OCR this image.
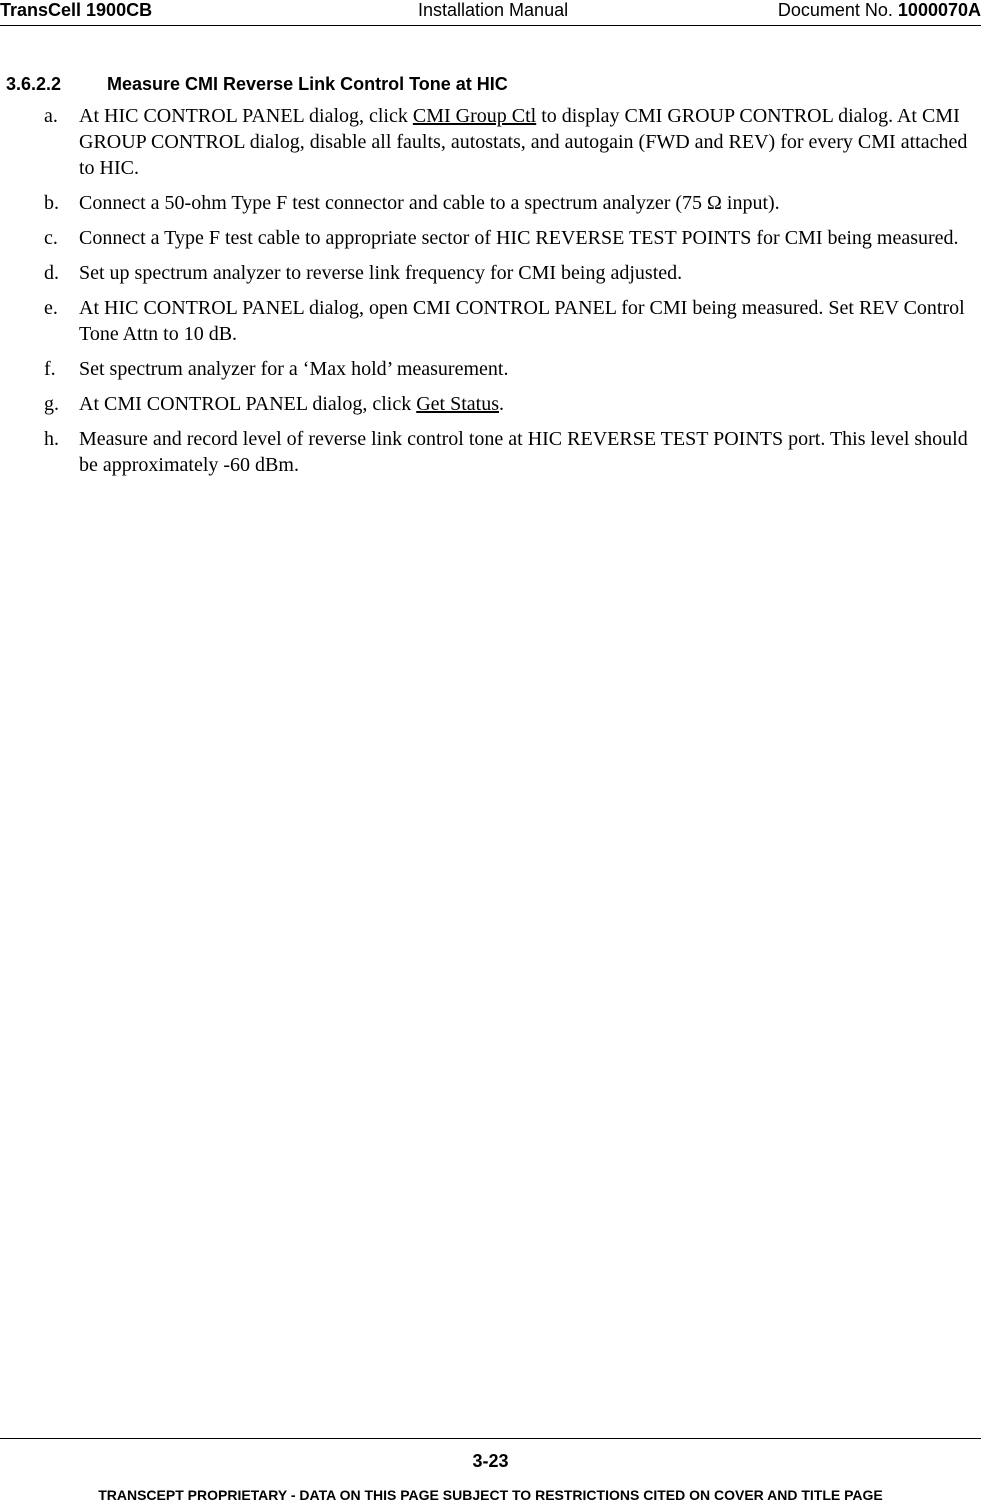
TransCell 1900CB	Installation Manual	Document No. 1000070A
3.6.2.2	Measure CMI Reverse Link Control Tone at HIC
a. At HIC CONTROL PANEL dialog, click CMI Group Ctl to display CMI GROUP CONTROL dialog. At CMI GROUP CONTROL dialog, disable all faults, autostats, and autogain (FWD and REV) for every CMI attached to HIC.
b. Connect a 50-ohm Type F test connector and cable to a spectrum analyzer (75 Ω input).
c. Connect a Type F test cable to appropriate sector of HIC REVERSE TEST POINTS for CMI being measured.
d. Set up spectrum analyzer to reverse link frequency for CMI being adjusted.
e. At HIC CONTROL PANEL dialog, open CMI CONTROL PANEL for CMI being measured. Set REV Control Tone Attn to 10 dB.
f. Set spectrum analyzer for a ‘Max hold’ measurement.
g. At CMI CONTROL PANEL dialog, click Get Status.
h. Measure and record level of reverse link control tone at HIC REVERSE TEST POINTS port. This level should be approximately -60 dBm.
3-23
TRANSCEPT PROPRIETARY - DATA ON THIS PAGE SUBJECT TO RESTRICTIONS CITED ON COVER AND TITLE PAGE
